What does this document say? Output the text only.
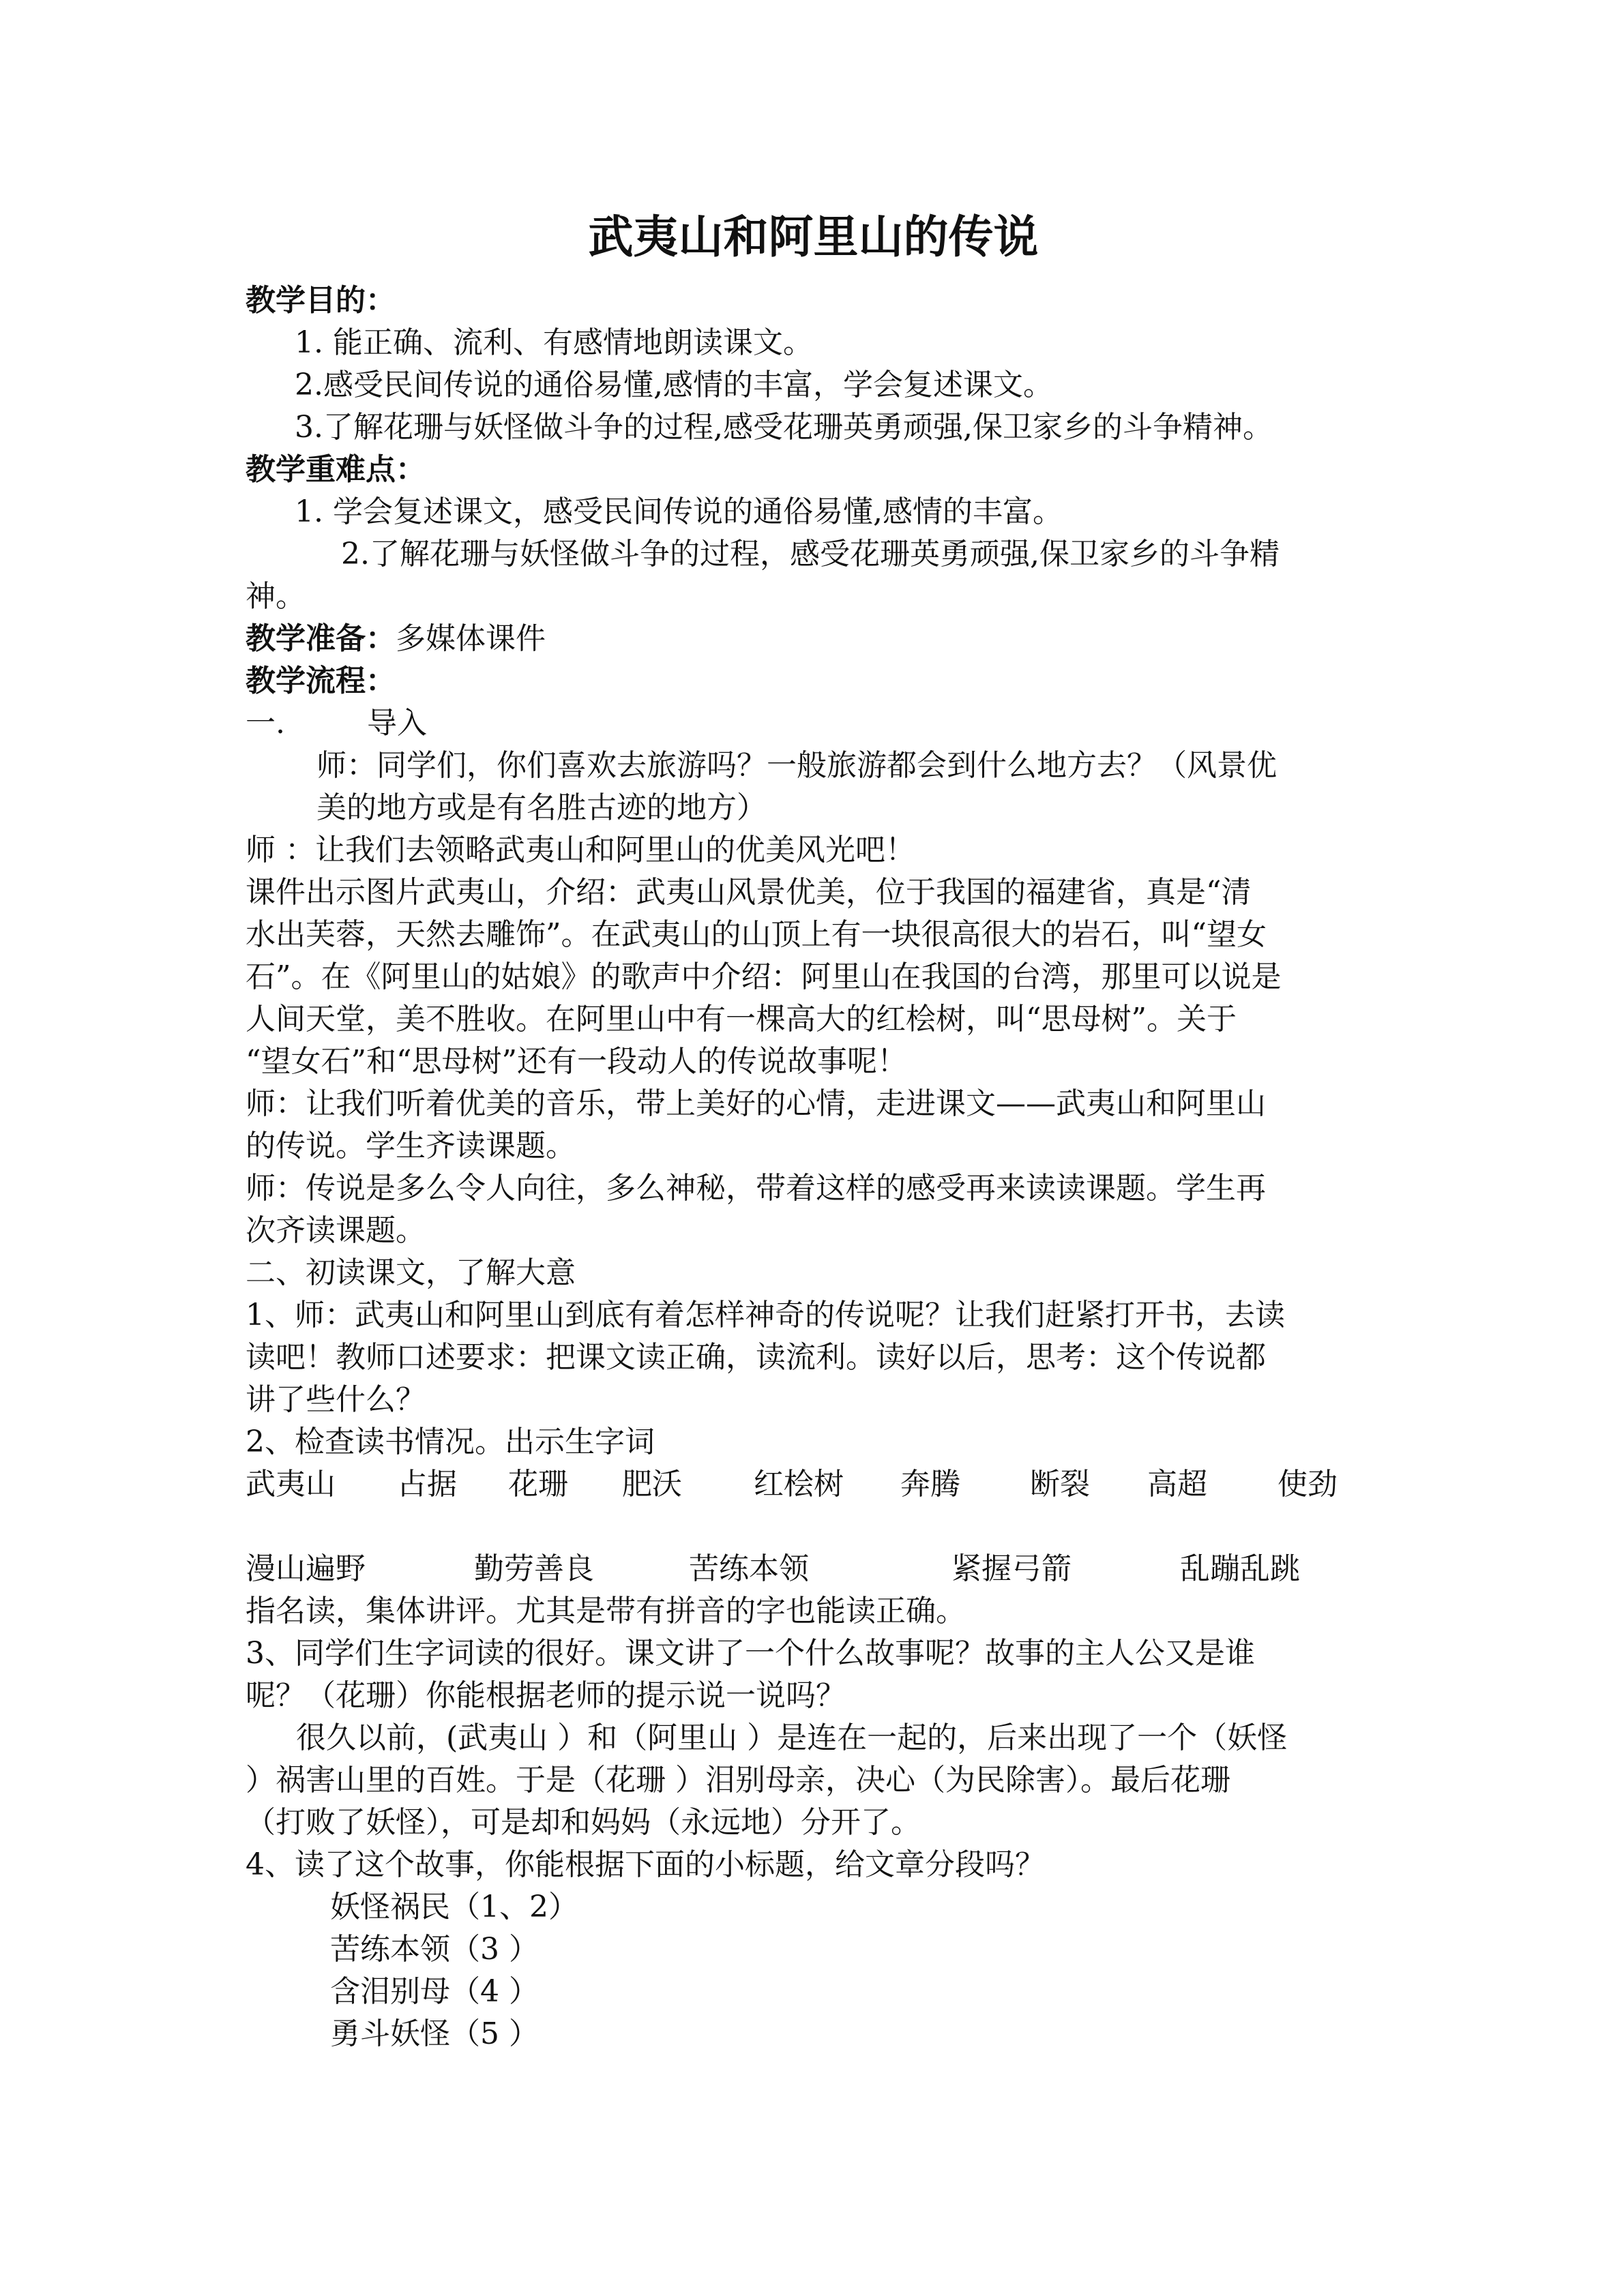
武夷山和阿里山的传说
教学目的：
1. 能正确、流利、有感情地朗读课文。
2.感受民间传说的通俗易懂,感情的丰富，学会复述课文。
3.了解花珊与妖怪做斗争的过程,感受花珊英勇顽强,保卫家乡的斗争精神。
教学重难点：
1. 学会复述课文，感受民间传说的通俗易懂,感情的丰富。
2.了解花珊与妖怪做斗争的过程，感受花珊英勇顽强,保卫家乡的斗争精
神。
教学准备：多媒体课件
教学流程：
一.	导入
师：同学们，你们喜欢去旅游吗？一般旅游都会到什么地方去？（风景优
美的地方或是有名胜古迹的地方）
师 ：让我们去领略武夷山和阿里山的优美风光吧！
课件出示图片武夷山，介绍：武夷山风景优美，位于我国的福建省，真是“清
水出芙蓉，天然去雕饰”。在武夷山的山顶上有一块很高很大的岩石，叫“望女
石”。在《阿里山的姑娘》的歌声中介绍：阿里山在我国的台湾，那里可以说是
人间天堂，美不胜收。在阿里山中有一棵高大的红桧树，叫“思母树”。关于
“望女石”和“思母树”还有一段动人的传说故事呢！
师：让我们听着优美的音乐，带上美好的心情，走进课文——武夷山和阿里山
的传说。学生齐读课题。
师：传说是多么令人向往，多么神秘，带着这样的感受再来读读课题。学生再
次齐读课题。
二、初读课文，了解大意
1、师：武夷山和阿里山到底有着怎样神奇的传说呢？让我们赶紧打开书，去读
读吧！教师口述要求：把课文读正确，读流利。读好以后，思考：这个传说都
讲了些什么？
2、检查读书情况。出示生字词
武夷山 占据 花珊 肥沃 红桧树 奔腾 断裂 高超 使劲
漫山遍野	勤劳善良	苦练本领	紧握弓箭	乱蹦乱跳
指名读，集体讲评。尤其是带有拼音的字也能读正确。
3、同学们生字词读的很好。课文讲了一个什么故事呢？故事的主人公又是谁
呢？（花珊）你能根据老师的提示说一说吗？
很久以前，(武夷山 ）和（阿里山 ）是连在一起的，后来出现了一个（妖怪
）祸害山里的百姓。于是（花珊 ）泪别母亲，决心（为民除害）。最后花珊
（打败了妖怪），可是却和妈妈（永远地）分开了。
4、读了这个故事，你能根据下面的小标题，给文章分段吗？
妖怪祸民（1、2）
苦练本领（3 ）
含泪别母（4 ）
勇斗妖怪（5 ）
